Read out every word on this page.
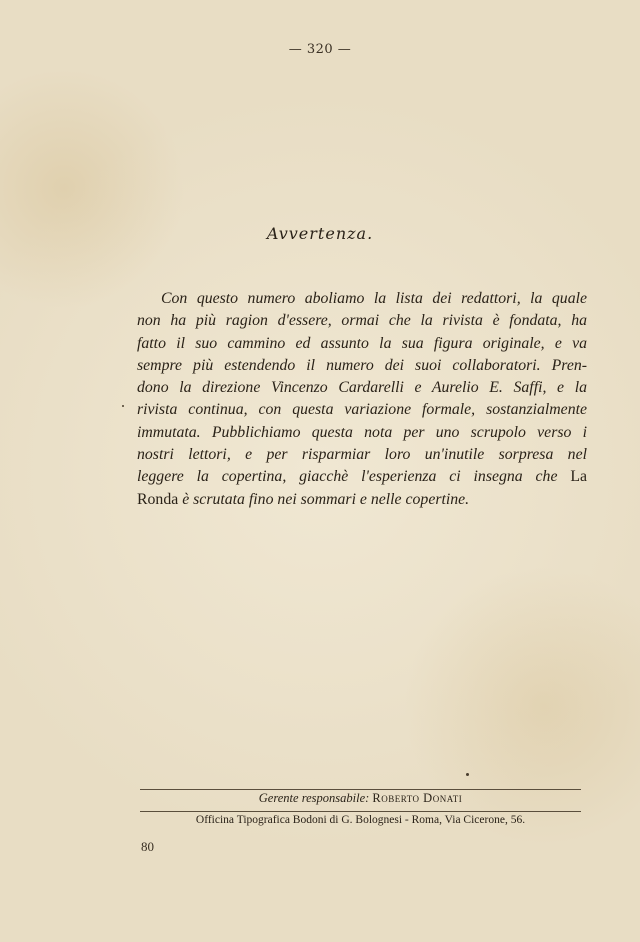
— 320 —
Avvertenza.
Con questo numero aboliamo la lista dei redattori, la quale
non ha più ragion d'essere, ormai che la rivista è fondata, ha
fatto il suo cammino ed assunto la sua figura originale, e va
sempre più estendendo il numero dei suoi collaboratori. Pren-
dono la direzione Vincenzo Cardarelli e Aurelio E. Saffi, e la
rivista continua, con questa variazione formale, sostanzialmente
immutata. Pubblichiamo questa nota per uno scrupolo verso i
nostri lettori, e per risparmiar loro un'inutile sorpresa nel
leggere la copertina, giacchè l'esperienza ci insegna che La
Ronda è scrutata fino nei sommari e nelle copertine.
Gerente responsabile: Roberto Donati
Officina Tipografica Bodoni di G. Bolognesi - Roma, Via Cicerone, 56.
80
